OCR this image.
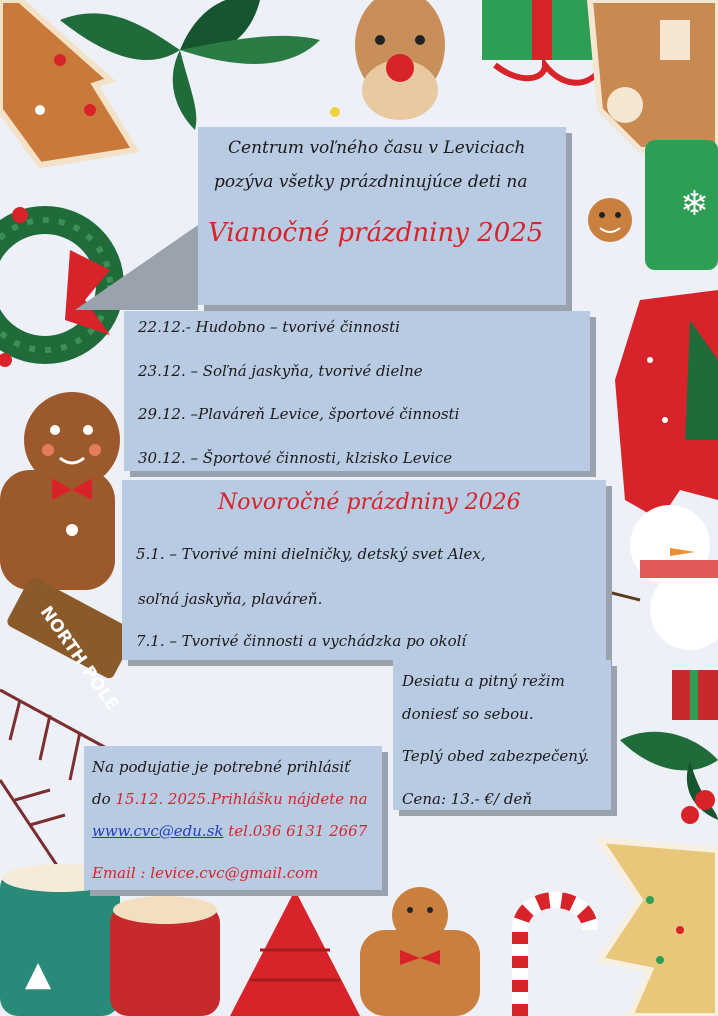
❄
NORTH POLE
▲
Centrum voľného času v Leviciach
pozýva všetky prázdninujúce deti na
Vianočné prázdniny 2025
22.12.- Hudobno – tvorivé činnosti
23.12. – Soľná jaskyňa, tvorivé dielne
29.12. –Plaváreň Levice, športové činnosti
30.12. – Športové činnosti, klzisko Levice
Novoročné prázdniny 2026
5.1. – Tvorivé mini dielničky, detský svet Alex,
soľná jaskyňa, plaváreň.
7.1. – Tvorivé činnosti a vychádzka po okolí
Desiatu a pitný režim
doniesť so sebou.
Teplý obed zabezpečený.
Cena: 13.- €/ deň
Na podujatie je potrebné prihlásiť
do 15.12. 2025.Prihlášku nájdete na
www.cvc@edu.sk tel.036 6131 2667
Email : levice.cvc@gmail.com
